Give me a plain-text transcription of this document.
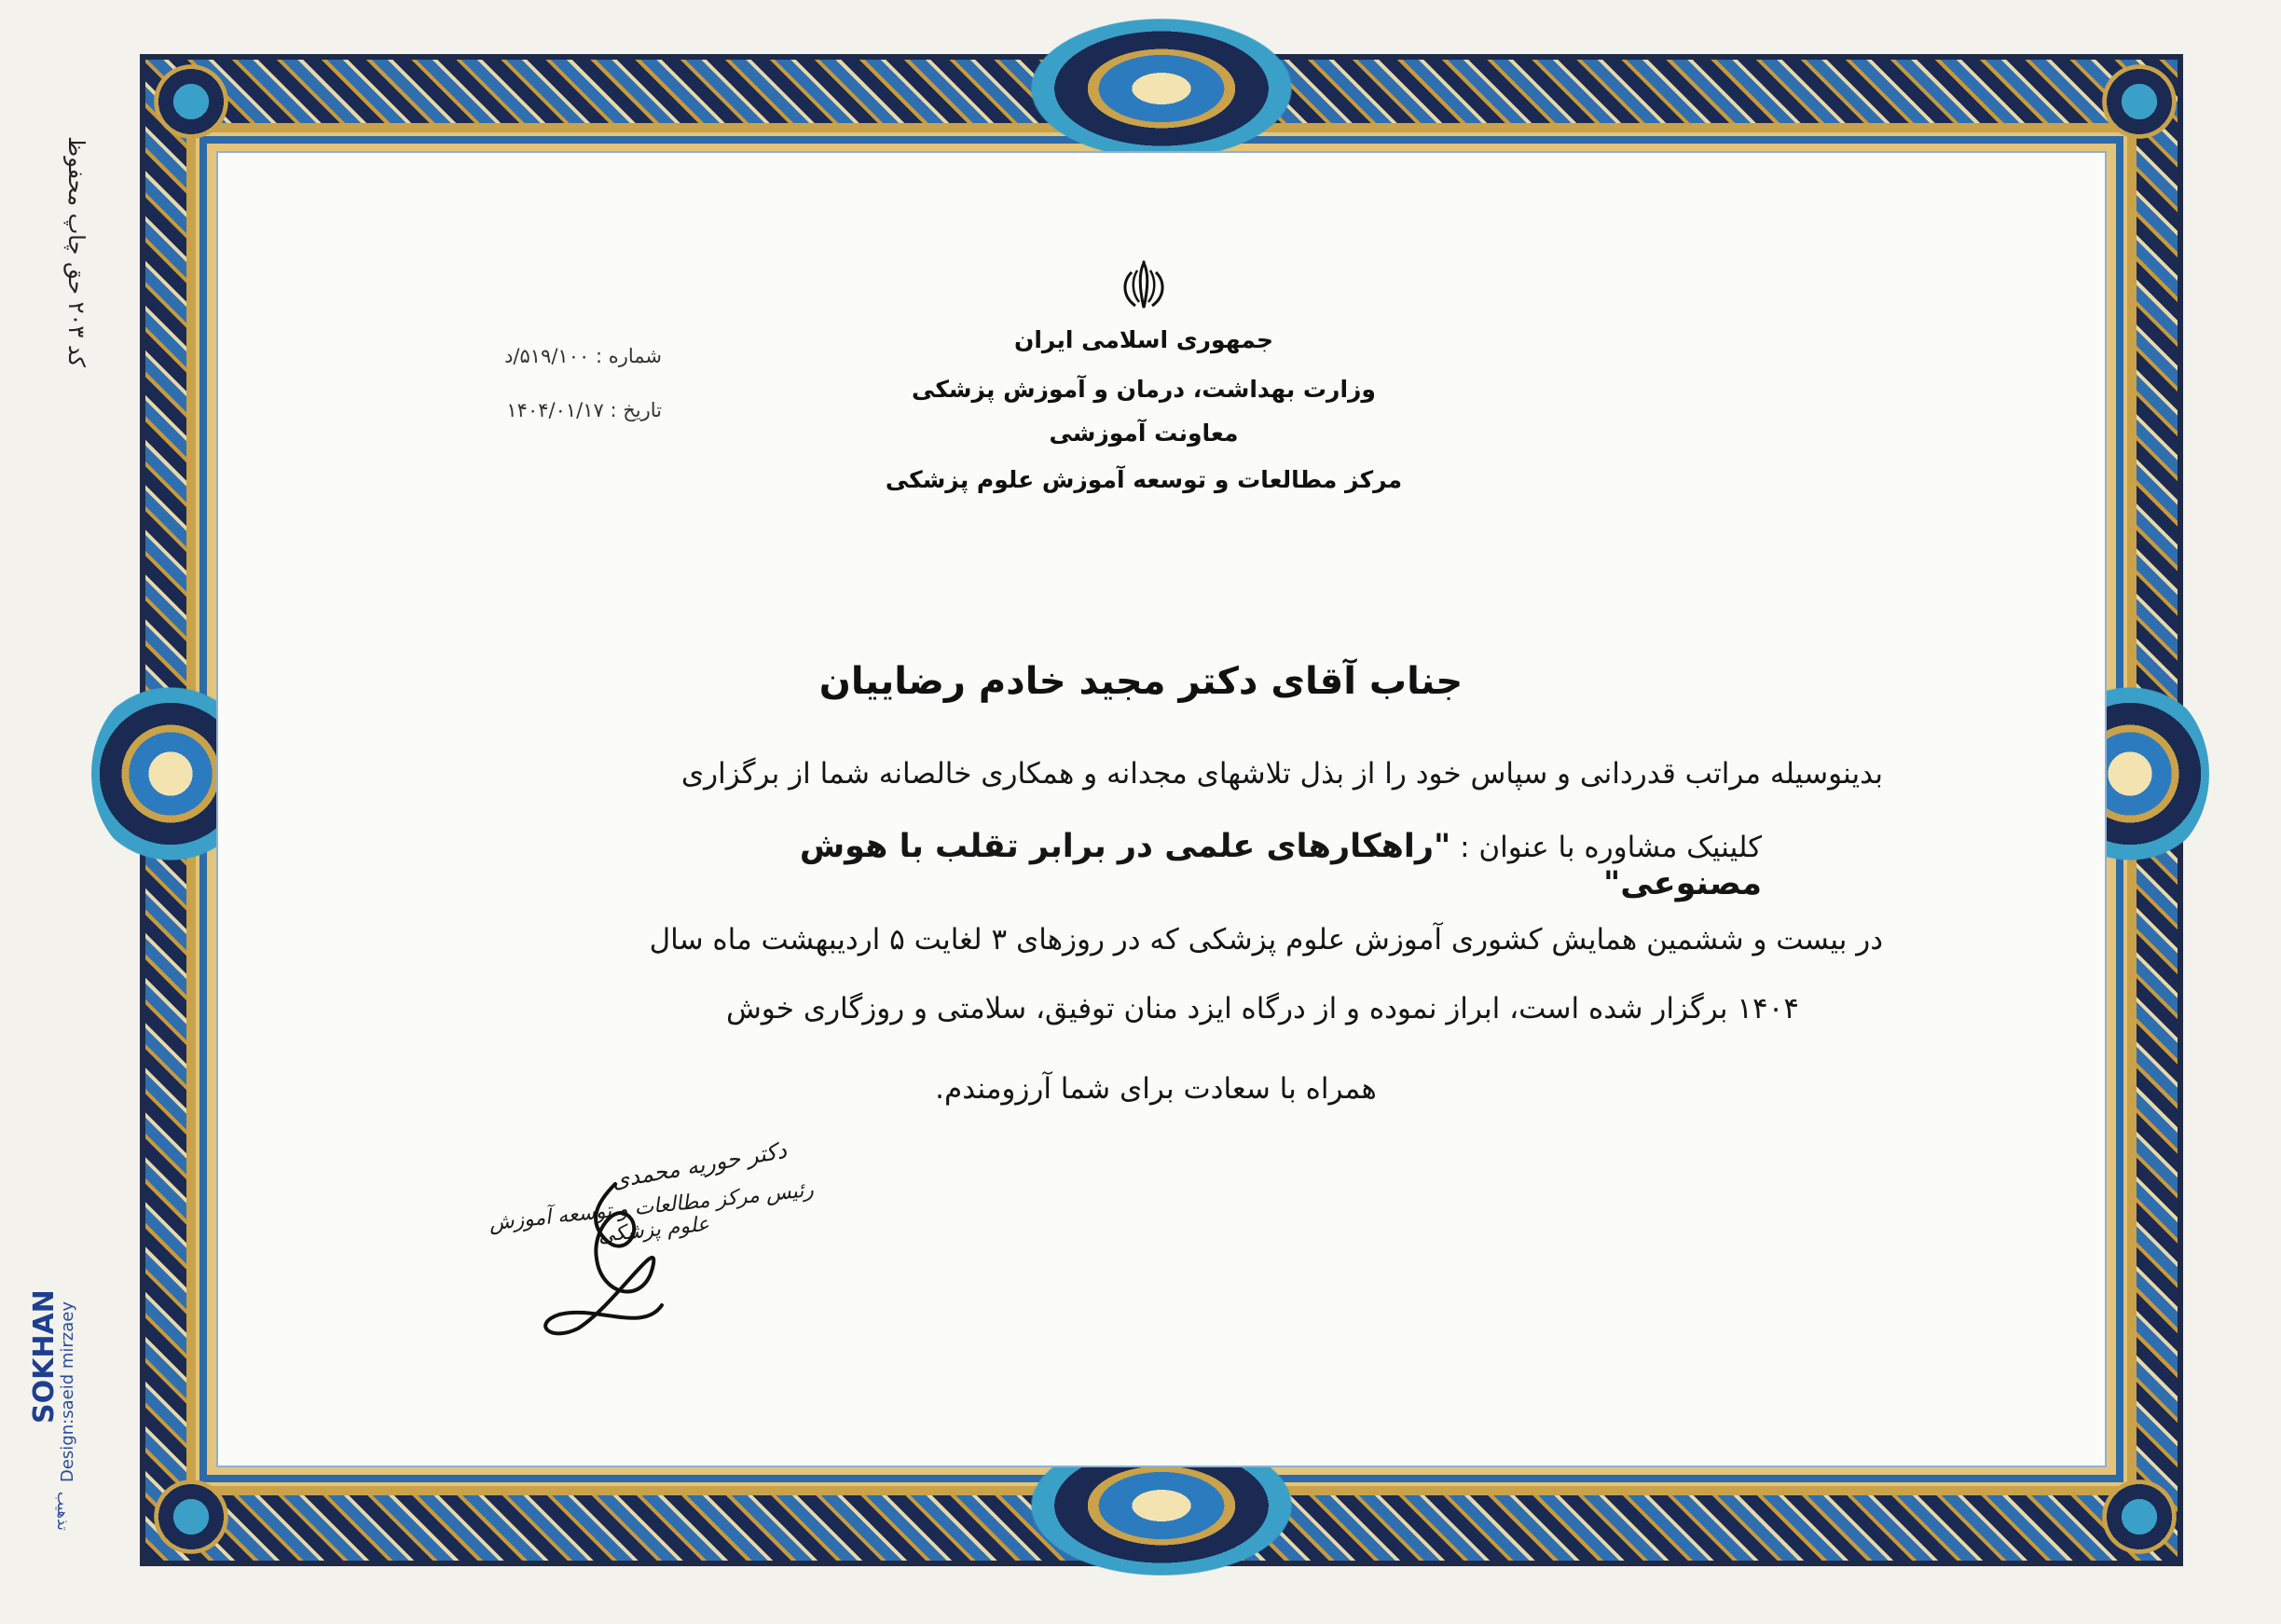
جمهوری اسلامی ایران
وزارت بهداشت، درمان و آموزش پزشکی
معاونت آموزشی
مرکز مطالعات و توسعه آموزش علوم پزشکی
شماره : ۵۱۹/۱۰۰/د
تاریخ : ۱۴۰۴/۰۱/۱۷
جناب آقای دکتر مجید خادم رضاییان
بدینوسیله مراتب قدردانی و سپاس خود را از بذل تلاشهای مجدانه و همکاری خالصانه شما از برگزاری
کلینیک مشاوره با عنوان : "راهکارهای علمی در برابر تقلب با هوش مصنوعی"
در بیست و ششمین همایش کشوری آموزش علوم پزشکی که در روزهای ۳ لغایت ۵ اردیبهشت ماه سال
۱۴۰۴ برگزار شده است، ابراز نموده و از درگاه ایزد منان توفیق، سلامتی و روزگاری خوش
همراه با سعادت برای شما آرزومندم.
دکتر حوریه محمدی
رئیس مرکز مطالعات و توسعه آموزش علوم پزشکی
کد ۲۰۳ حق چاپ محفوظ
SOKHAN
Design:saeid mirzaey
تذهیب
